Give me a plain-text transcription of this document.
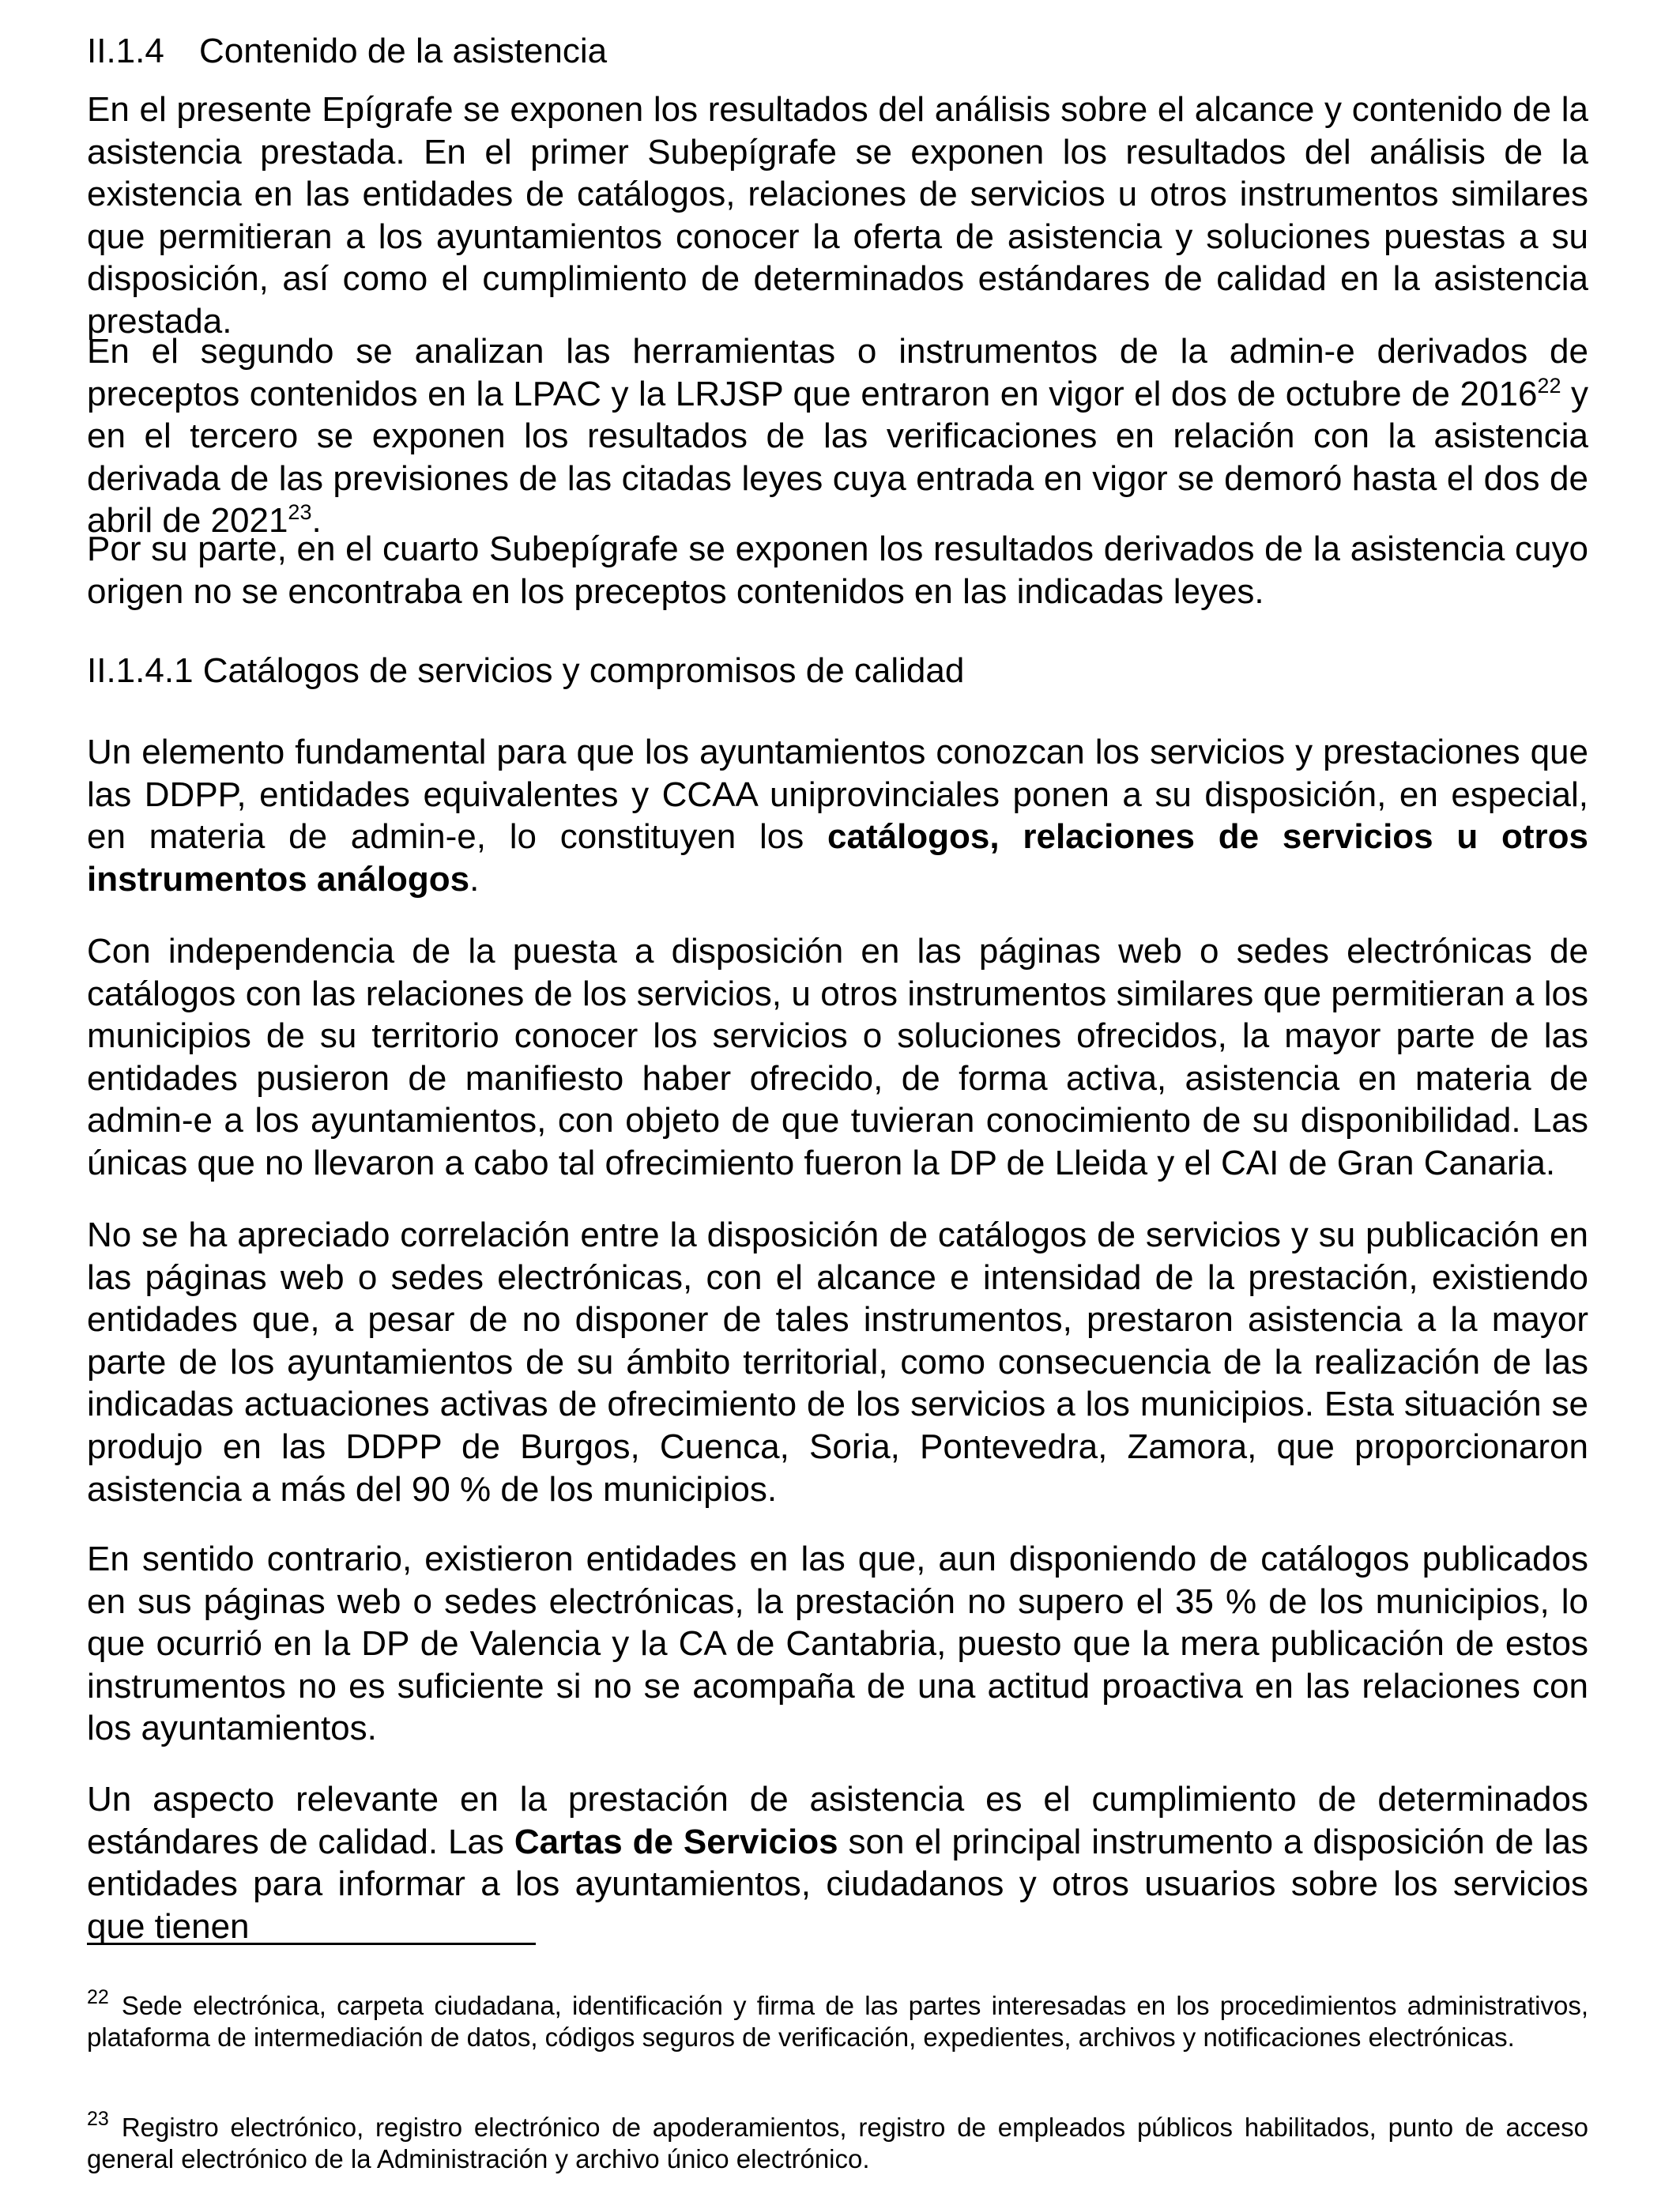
II.1.4 Contenido de la asistencia

En el presente Epígrafe se exponen los resultados del análisis sobre el alcance y contenido de la asistencia prestada. En el primer Subepígrafe se exponen los resultados del análisis de la existencia en las entidades de catálogos, relaciones de servicios u otros instrumentos similares que permitieran a los ayuntamientos conocer la oferta de asistencia y soluciones puestas a su disposición, así como el cumplimiento de determinados estándares de calidad en la asistencia prestada.

En el segundo se analizan las herramientas o instrumentos de la admin-e derivados de preceptos contenidos en la LPAC y la LRJSP que entraron en vigor el dos de octubre de 2016$^{22}$ y en el tercero se exponen los resultados de las verificaciones en relación con la asistencia derivada de las previsiones de las citadas leyes cuya entrada en vigor se demoró hasta el dos de abril de 2021$^{23}$.

Por su parte, en el cuarto Subepígrafe se exponen los resultados derivados de la asistencia cuyo origen no se encontraba en los preceptos contenidos en las indicadas leyes.

II.1.4.1 Catálogos de servicios y compromisos de calidad

Un elemento fundamental para que los ayuntamientos conozcan los servicios y prestaciones que las DDPP, entidades equivalentes y CCAA uniprovinciales ponen a su disposición, en especial, en materia de admin-e, lo constituyen los catálogos, relaciones de servicios u otros instrumentos análogos.

Con independencia de la puesta a disposición en las páginas web o sedes electrónicas de catálogos con las relaciones de los servicios, u otros instrumentos similares que permitieran a los municipios de su territorio conocer los servicios o soluciones ofrecidos, la mayor parte de las entidades pusieron de manifiesto haber ofrecido, de forma activa, asistencia en materia de admin-e a los ayuntamientos, con objeto de que tuvieran conocimiento de su disponibilidad. Las únicas que no llevaron a cabo tal ofrecimiento fueron la DP de Lleida y el CAI de Gran Canaria.

No se ha apreciado correlación entre la disposición de catálogos de servicios y su publicación en las páginas web o sedes electrónicas, con el alcance e intensidad de la prestación, existiendo entidades que, a pesar de no disponer de tales instrumentos, prestaron asistencia a la mayor parte de los ayuntamientos de su ámbito territorial, como consecuencia de la realización de las indicadas actuaciones activas de ofrecimiento de los servicios a los municipios. Esta situación se produjo en las DDPP de Burgos, Cuenca, Soria, Pontevedra, Zamora, que proporcionaron asistencia a más del 90 % de los municipios.

En sentido contrario, existieron entidades en las que, aun disponiendo de catálogos publicados en sus páginas web o sedes electrónicas, la prestación no supero el 35 % de los municipios, lo que ocurrió en la DP de Valencia y la CA de Cantabria, puesto que la mera publicación de estos instrumentos no es suficiente si no se acompaña de una actitud proactiva en las relaciones con los ayuntamientos.

Un aspecto relevante en la prestación de asistencia es el cumplimiento de determinados estándares de calidad. Las Cartas de Servicios son el principal instrumento a disposición de las entidades para informar a los ayuntamientos, ciudadanos y otros usuarios sobre los servicios que tienen

$^{22}$ Sede electrónica, carpeta ciudadana, identificación y firma de las partes interesadas en los procedimientos administrativos, plataforma de intermediación de datos, códigos seguros de verificación, expedientes, archivos y notificaciones electrónicas.

$^{23}$ Registro electrónico, registro electrónico de apoderamientos, registro de empleados públicos habilitados, punto de acceso general electrónico de la Administración y archivo único electrónico.
